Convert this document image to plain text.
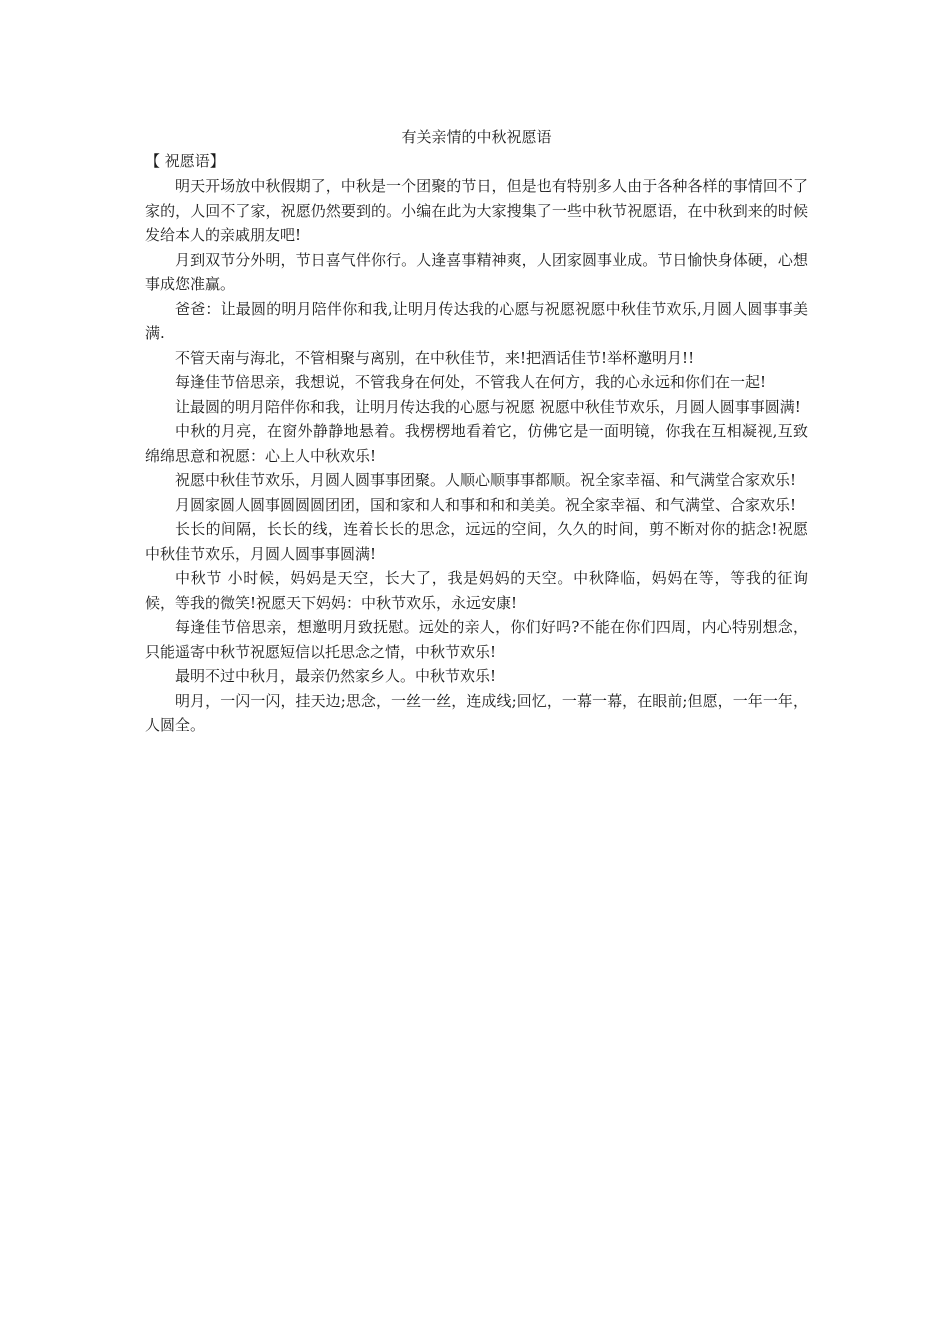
有关亲情的中秋祝愿语
【 祝愿语】

明天开场放中秋假期了，中秋是一个团聚的节日，但是也有特别多人由于各种各样的事情回不了家的，人回不了家，祝愿仍然要到的。小编在此为大家搜集了一些中秋节祝愿语，在中秋到来的时候发给本人的亲戚朋友吧!

月到双节分外明，节日喜气伴你行。人逢喜事精神爽，人团家圆事业成。节日愉快身体硬，心想事成您准赢。

爸爸：让最圆的明月陪伴你和我,让明月传达我的心愿与祝愿祝愿中秋佳节欢乐,月圆人圆事事美满.

不管天南与海北，不管相聚与离别，在中秋佳节，来!把酒话佳节!举杯邀明月!!

每逢佳节倍思亲，我想说，不管我身在何处，不管我人在何方，我的心永远和你们在一起!

让最圆的明月陪伴你和我，让明月传达我的心愿与祝愿 祝愿中秋佳节欢乐，月圆人圆事事圆满!

中秋的月亮，在窗外静静地悬着。我楞楞地看着它，仿佛它是一面明镜，你我在互相凝视,互致绵绵思意和祝愿：心上人中秋欢乐!

祝愿中秋佳节欢乐，月圆人圆事事团聚。人顺心顺事事都顺。祝全家幸福、和气满堂合家欢乐!

月圆家圆人圆事圆圆圆团团，国和家和人和事和和和美美。祝全家幸福、和气满堂、合家欢乐!

长长的间隔，长长的线，连着长长的思念，远远的空间，久久的时间，剪不断对你的掂念!祝愿中秋佳节欢乐，月圆人圆事事圆满!

中秋节 小时候，妈妈是天空，长大了，我是妈妈的天空。中秋降临，妈妈在等，等我的征询候，等我的微笑!祝愿天下妈妈：中秋节欢乐，永远安康!

每逢佳节倍思亲，想邀明月致抚慰。远处的亲人，你们好吗?不能在你们四周，内心特别想念，只能遥寄中秋节祝愿短信以托思念之情，中秋节欢乐!

最明不过中秋月，最亲仍然家乡人。中秋节欢乐!

明月，一闪一闪，挂天边;思念，一丝一丝，连成线;回忆，一幕一幕，在眼前;但愿，一年一年，人圆全。
